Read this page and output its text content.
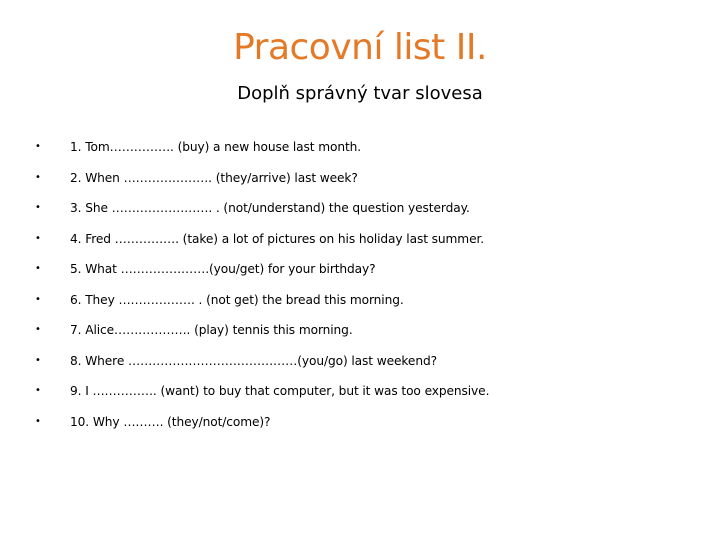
Pracovní list II.
Doplň správný tvar slovesa
• 1. Tom……………. (buy) a new house last month.
• 2. When …………………. (they/arrive) last week?
• 3. She ……………………. . (not/understand) the question yesterday.
• 4. Fred ……………. (take) a lot of pictures on his holiday last summer.
• 5. What ………………….(you/get) for your birthday?
• 6. They ………………. . (not get) the bread this morning.
• 7. Alice………………. (play) tennis this morning.
• 8. Where ……………………………………(you/go) last weekend?
• 9. I ……………. (want) to buy that computer, but it was too expensive.
• 10. Why ………. (they/not/come)?
